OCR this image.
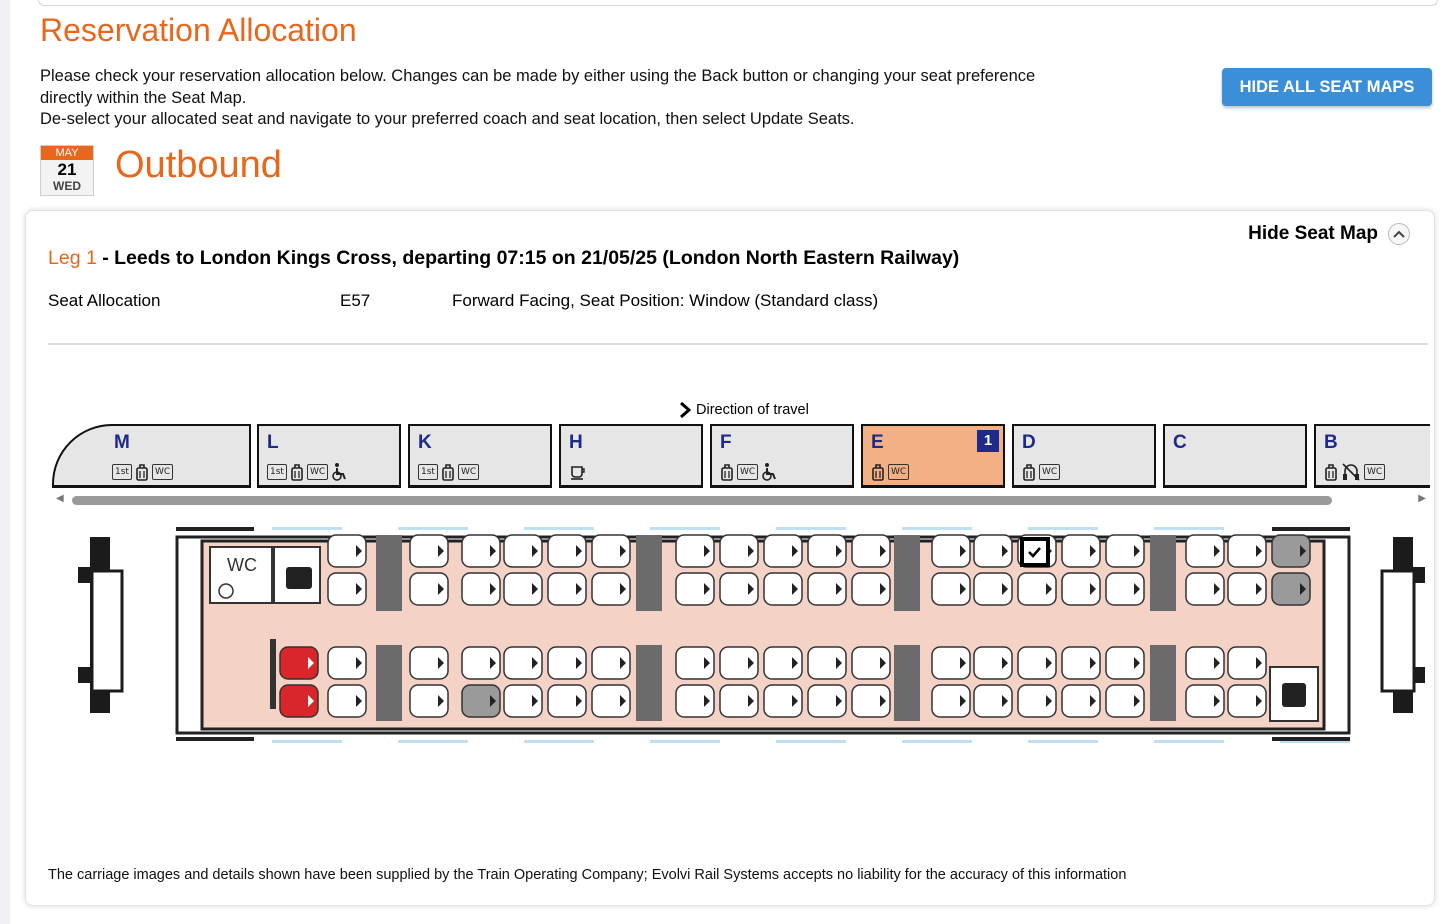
Reservation Allocation
Please check your reservation allocation below. Changes can be made by either using the Back button or changing your seat preference directly within the Seat Map.
De-select your allocated seat and navigate to your preferred coach and seat location, then select Update Seats.
HIDE ALL SEAT MAPS
MAY
21
WED Outbound
Hide Seat Map
Leg 1 - Leeds to London Kings Cross, departing 07:15 on 21/05/25 (London North Eastern Railway)
Seat Allocation	E57	Forward Facing, Seat Position: Window (Standard class)
Direction of travel
M
1st	WC
L
1st	WC
K
1st	WC
H	F
WC
E	1
WC
D
WC
C	B
WC
◀	▶
WC
The carriage images and details shown have been supplied by the Train Operating Company; Evolvi Rail Systems accepts no liability for the accuracy of this information
